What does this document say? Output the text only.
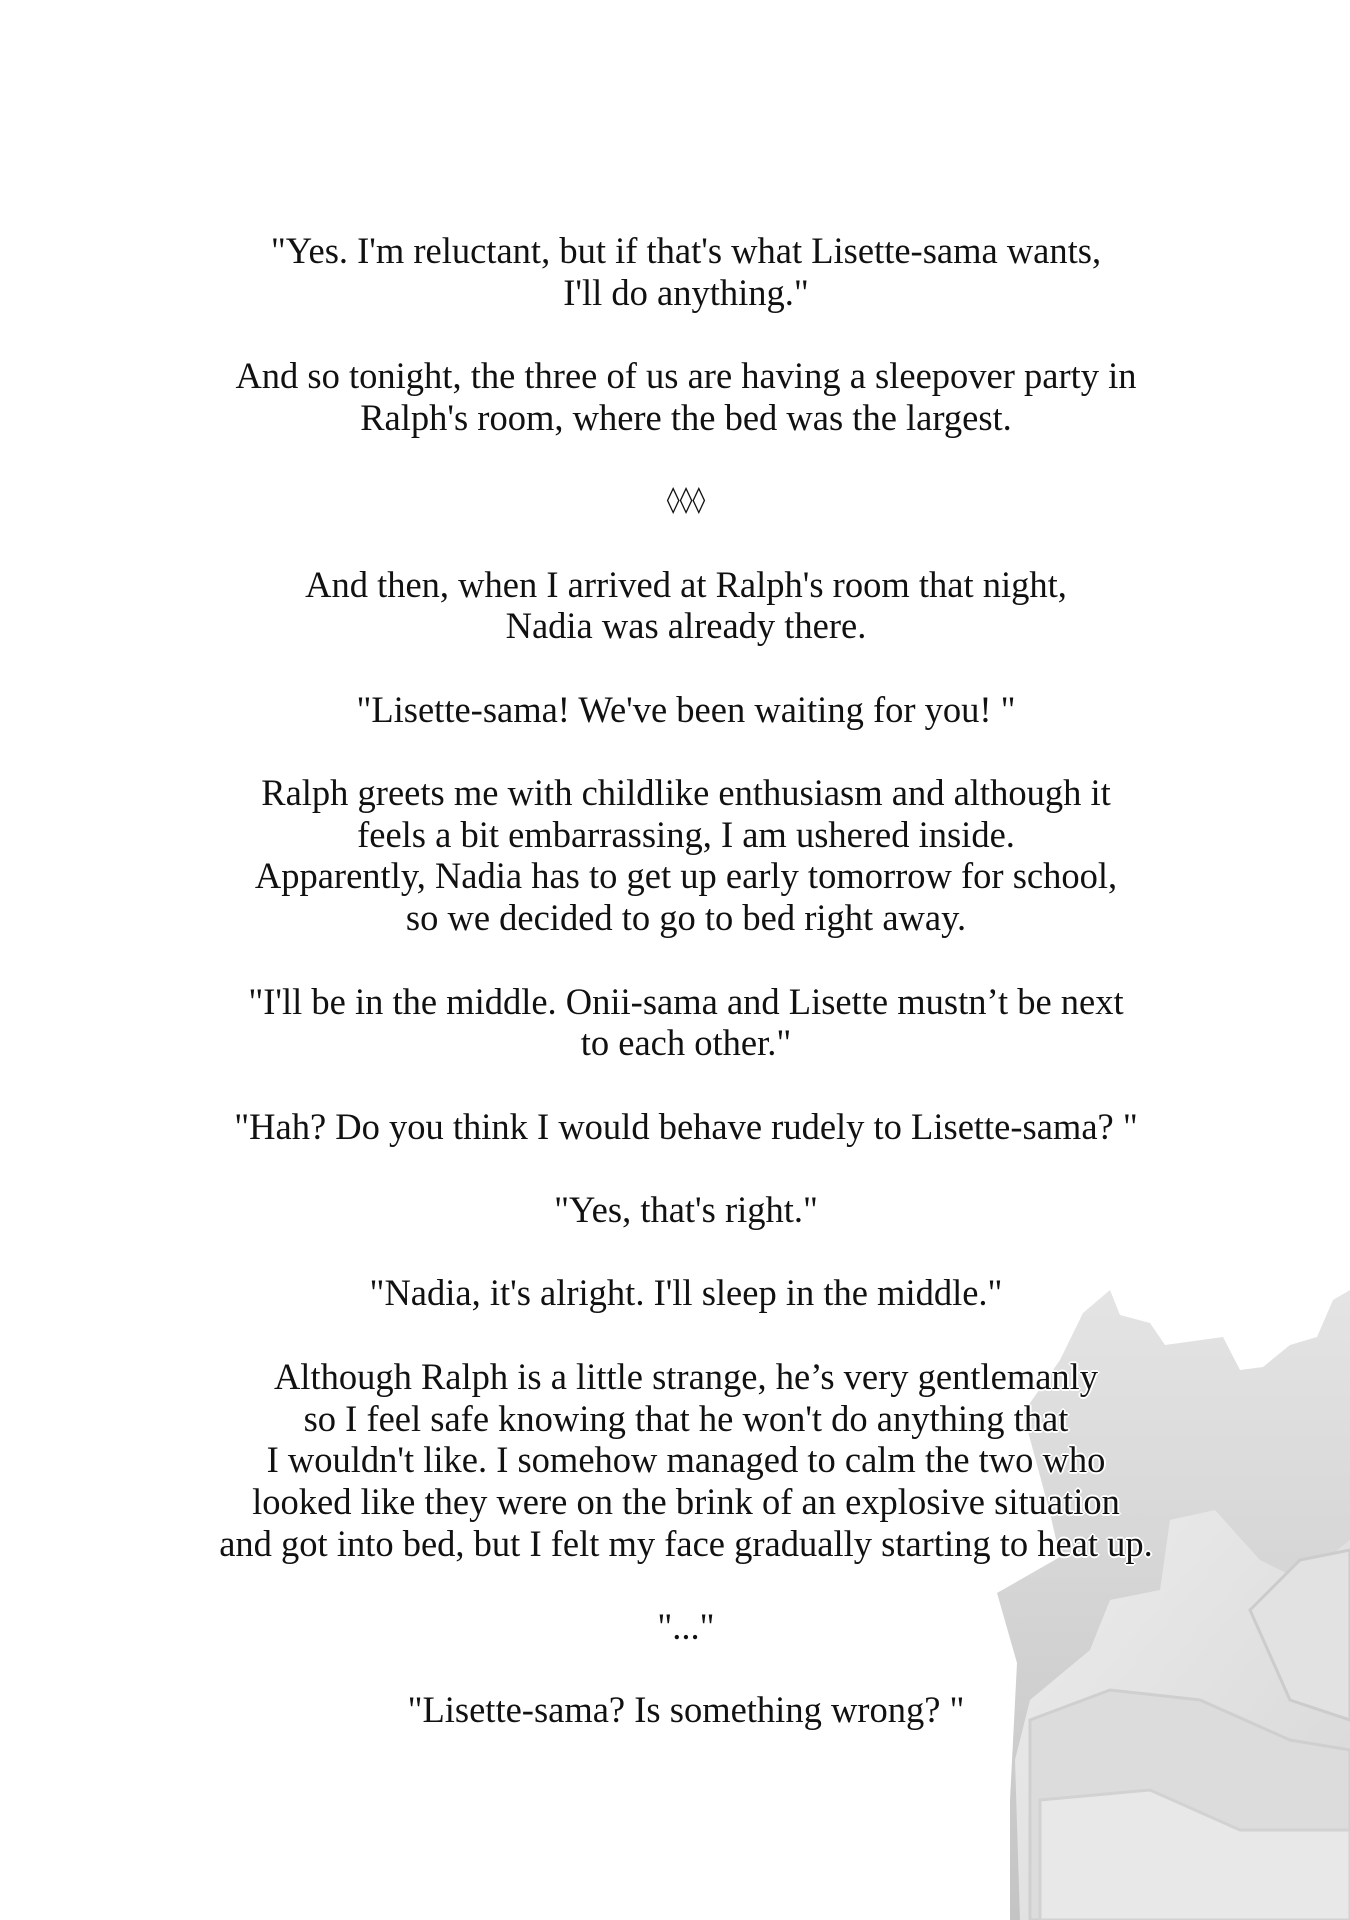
"Yes. I'm reluctant, but if that's what Lisette-sama wants,
I'll do anything."
And so tonight, the three of us are having a sleepover party in
Ralph's room, where the bed was the largest.
◊◊◊
And then, when I arrived at Ralph's room that night,
Nadia was already there.
"Lisette-sama! We've been waiting for you! "
Ralph greets me with childlike enthusiasm and although it
feels a bit embarrassing, I am ushered inside.
Apparently, Nadia has to get up early tomorrow for school,
so we decided to go to bed right away.
"I'll be in the middle. Onii-sama and Lisette mustn’t be next
to each other."
"Hah? Do you think I would behave rudely to Lisette-sama? "
"Yes, that's right."
"Nadia, it's alright. I'll sleep in the middle."
Although Ralph is a little strange, he’s very gentlemanly
so I feel safe knowing that he won't do anything that
I wouldn't like. I somehow managed to calm the two who
looked like they were on the brink of an explosive situation
and got into bed, but I felt my face gradually starting to heat up.
"..."
"Lisette-sama? Is something wrong? "
